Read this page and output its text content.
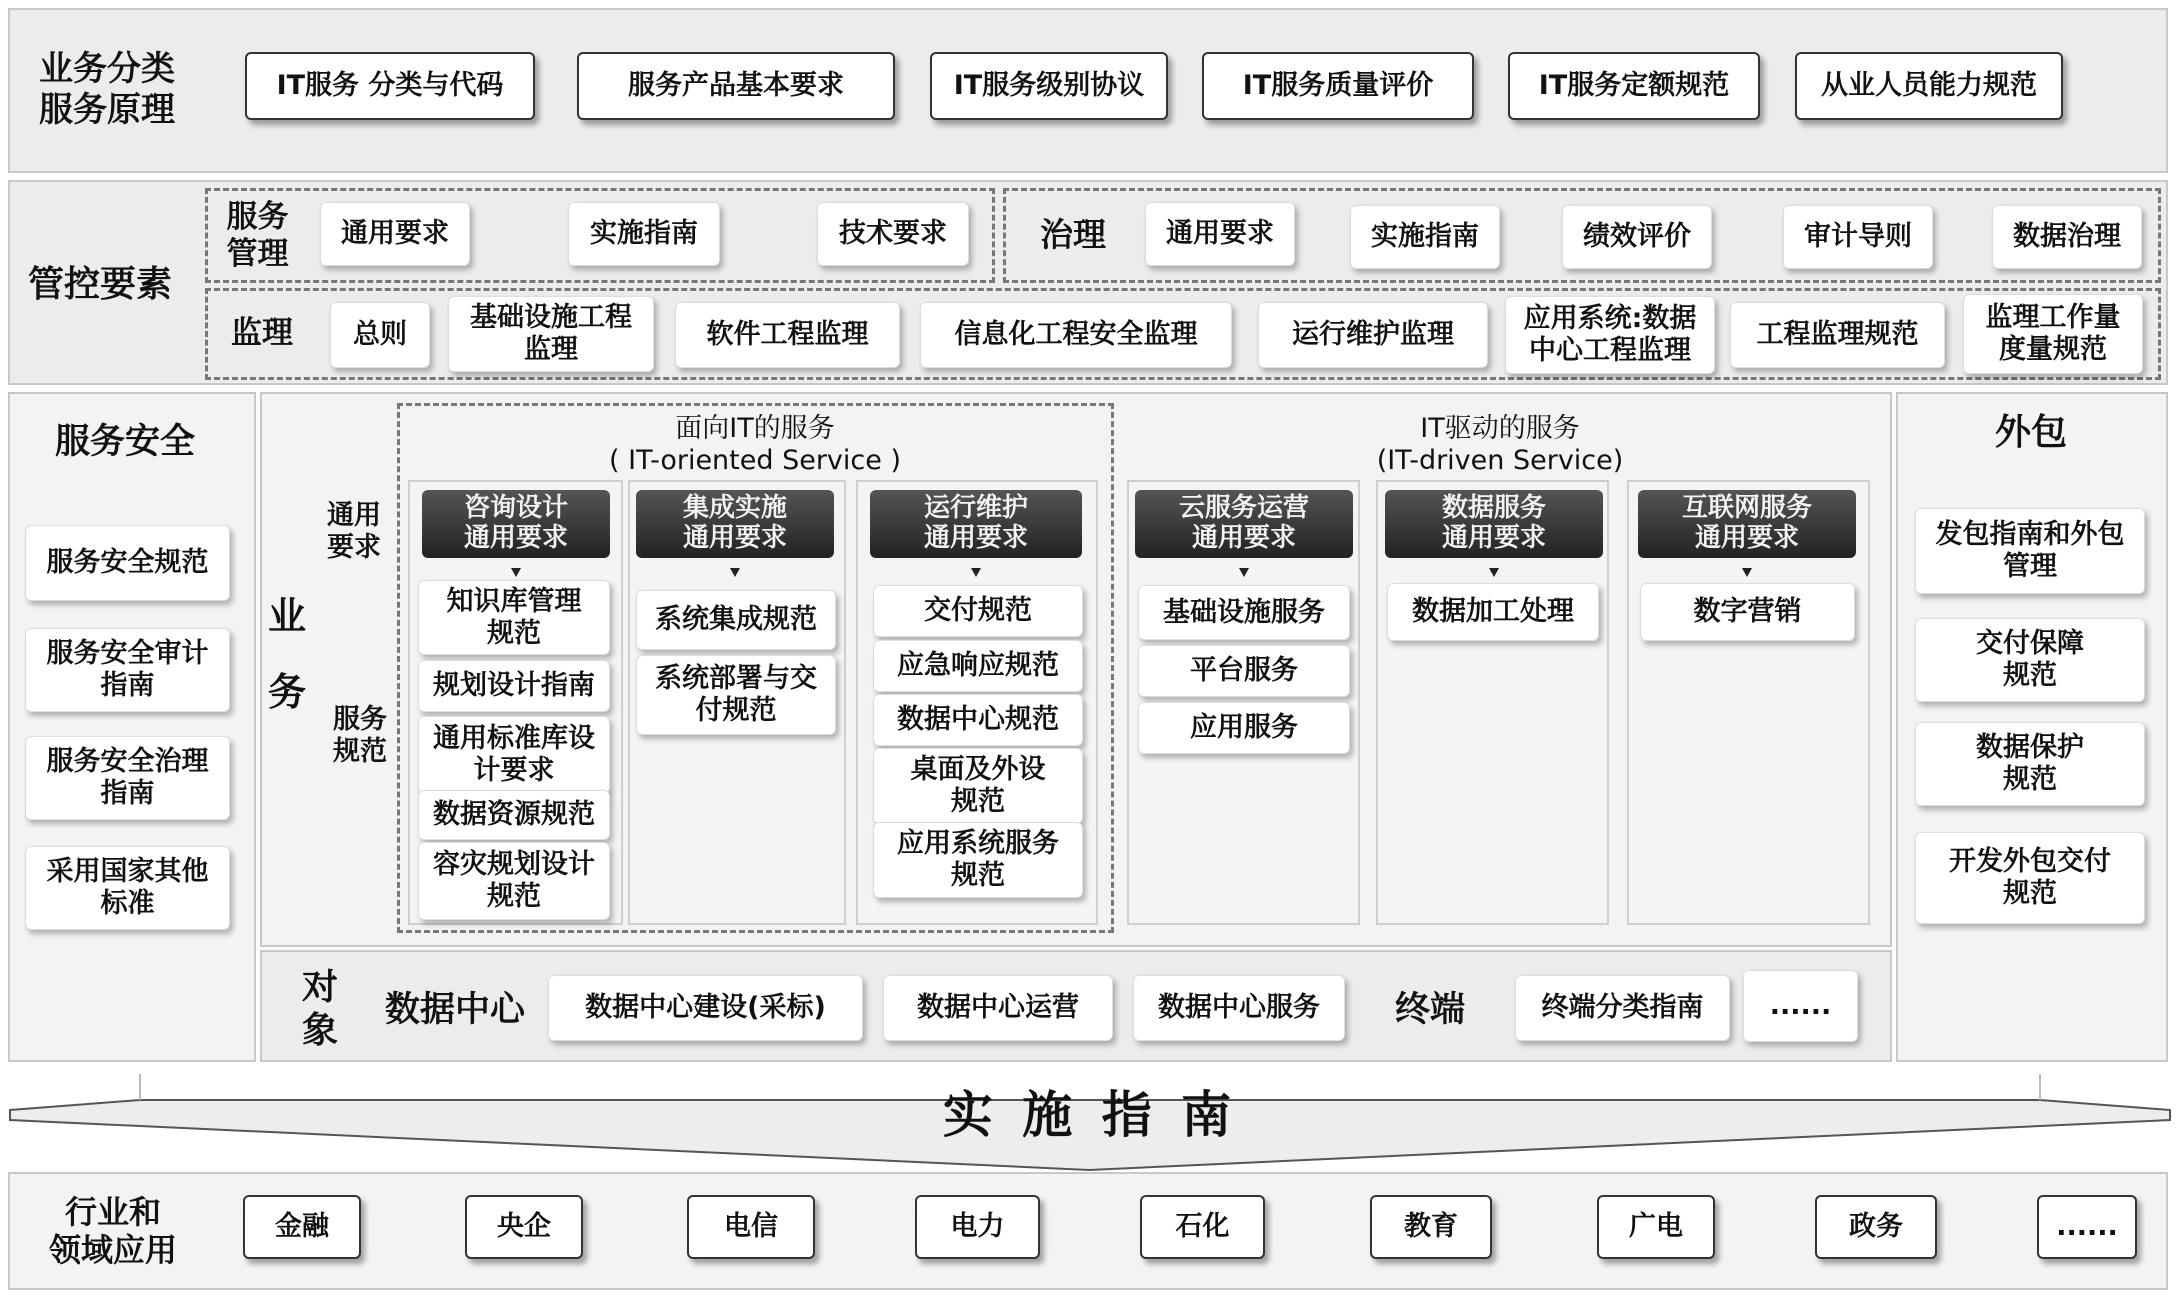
业务分类
服务原理
IT服务 分类与代码	服务产品基本要求	IT服务级别协议	IT服务质量评价	IT服务定额规范	从业人员能力规范
管控要素
服务
管理
通用要求	实施指南	技术要求	治理	通用要求	实施指南	绩效评价	审计导则	数据治理
监理	总则
基础设施工程
监理	软件工程监理	信息化工程安全监理	运行维护监理
应用系统:数据
中心工程监理
工程监理规范
监理工作量
度量规范
服务安全
服务安全规范
服务安全审计
指南
服务安全治理
指南
采用国家其他
标准
外包
发包指南和外包
管理
交付保障
规范
数据保护
规范
开发外包交付
规范
业
务
通用
要求
服务
规范
面向IT的服务
( IT-oriented Service )
IT驱动的服务
(IT-driven Service)
咨询设计
通用要求
集成实施
通用要求
运行维护
通用要求
云服务运营
通用要求
数据服务
通用要求
互联网服务
通用要求
知识库管理
规范
规划设计指南
通用标准库设
计要求
数据资源规范
容灾规划设计
规范
系统集成规范
系统部署与交
付规范
交付规范
应急响应规范
数据中心规范
桌面及外设
规范
应用系统服务
规范
基础设施服务
平台服务
应用服务
数据加工处理	数字营销
对
象	数据中心	数据中心建设(采标)	数据中心运营	数据中心服务	终端	终端分类指南	......
实 施 指 南
行业和
领域应用
金融	央企	电信	电力	石化	教育	广电	政务	......
